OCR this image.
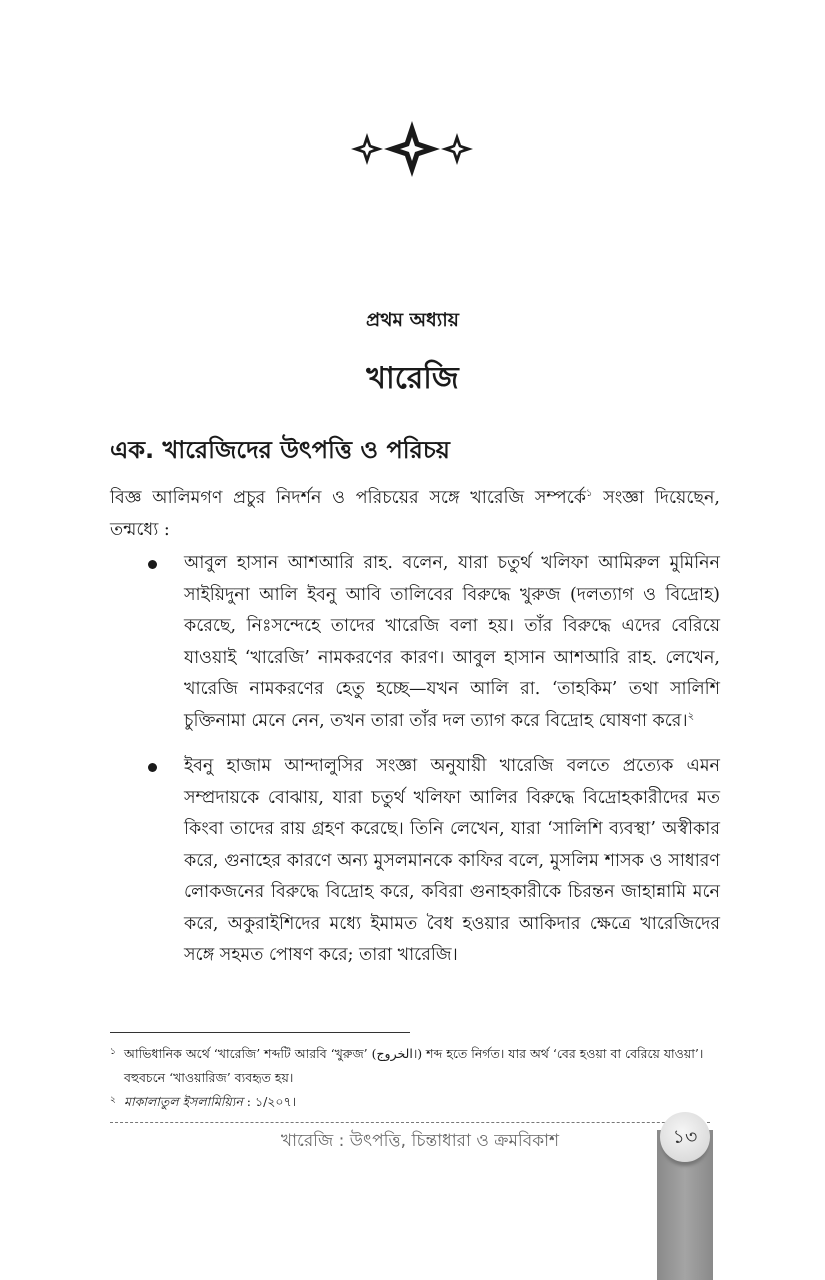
প্রথম অধ্যায়
খারেজি
এক. খারেজিদের উৎপত্তি ও পরিচয়

বিজ্ঞ আলিমগণ প্রচুর নিদর্শন ও পরিচয়ের সঙ্গে খারেজি সম্পর্কে$^১$ সংজ্ঞা দিয়েছেন, তন্মধ্যে :

আবুল হাসান আশআরি রাহ. বলেন, যারা চতুর্থ খলিফা আমিরুল মুমিনিন সাইয়িদুনা আলি ইবনু আবি তালিবের বিরুদ্ধে খুরুজ (দলত্যাগ ও বিদ্রোহ) করেছে, নিঃসন্দেহে তাদের খারেজি বলা হয়। তাঁর বিরুদ্ধে এদের বেরিয়ে যাওয়াই ‘খারেজি’ নামকরণের কারণ। আবুল হাসান আশআরি রাহ. লেখেন, খারেজি নামকরণের হেতু হচ্ছে—যখন আলি রা. ‘তাহকিম’ তথা সালিশি চুক্তিনামা মেনে নেন, তখন তারা তাঁর দল ত্যাগ করে বিদ্রোহ ঘোষণা করে।$^২$
ইবনু হাজাম আন্দালুসির সংজ্ঞা অনুযায়ী খারেজি বলতে প্রত্যেক এমন সম্প্রদায়কে বোঝায়, যারা চতুর্থ খলিফা আলির বিরুদ্ধে বিদ্রোহকারীদের মত কিংবা তাদের রায় গ্রহণ করেছে। তিনি লেখেন, যারা ‘সালিশি ব্যবস্থা’ অস্বীকার করে, গুনাহের কারণে অন্য মুসলমানকে কাফির বলে, মুসলিম শাসক ও সাধারণ লোকজনের বিরুদ্ধে বিদ্রোহ করে, কবিরা গুনাহকারীকে চিরন্তন জাহান্নামি মনে করে, অকুরাইশিদের মধ্যে ইমামত বৈধ হওয়ার আকিদার ক্ষেত্রে খারেজিদের সঙ্গে সহমত পোষণ করে; তারা খারেজি।
১ আভিধানিক অর্থে ‘খারেজি’ শব্দটি আরবি ‘খুরুজ’ (الخروج।) শব্দ হতে নির্গত। যার অর্থ ‘বের হওয়া বা বেরিয়ে যাওয়া’। বহুবচনে ‘খাওয়ারিজ’ ব্যবহৃত হয়।
২ মাকালাতুল ইসলামিয়্যিন : ১/২০৭।
খারেজি : উৎপত্তি, চিন্তাধারা ও ক্রমবিকাশ	১৩
